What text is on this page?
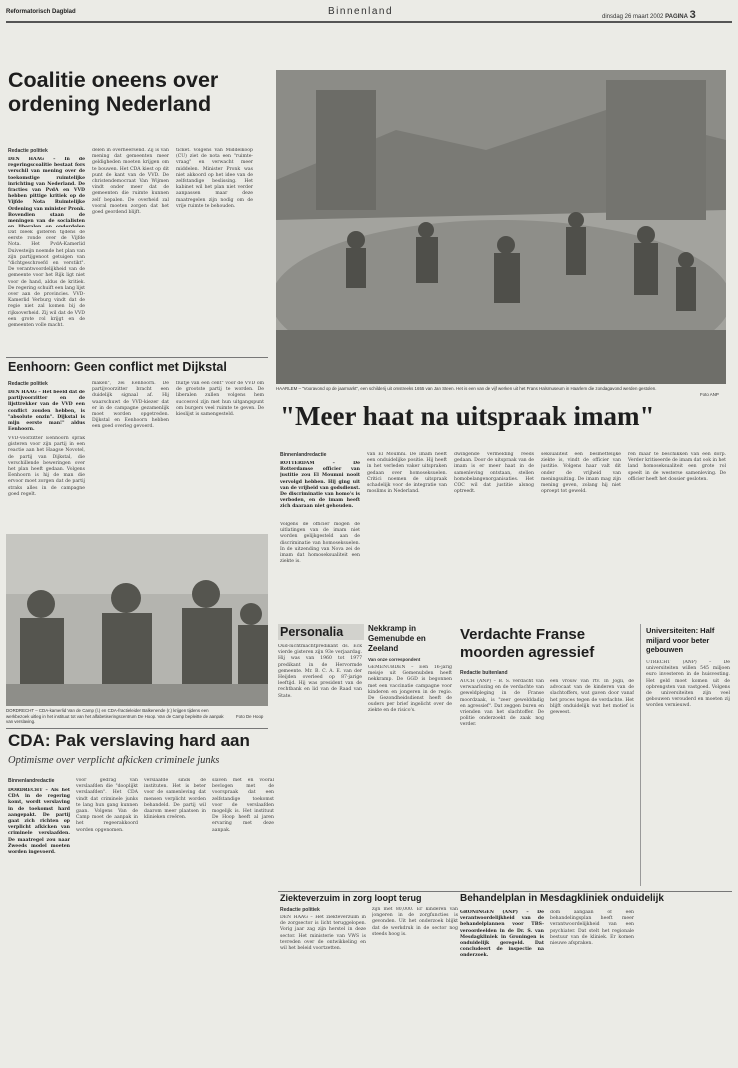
Reformatorisch Dagblad	Binnenland	dinsdag 26 maart 2002 PAGINA 3
Coalitie oneens over ordening Nederland
Redactie politiek
DEN HAAG – In de regeringscoalitie bestaat fors verschil van mening over de toekomstige ruimtelijke inrichting van Nederland. De fracties van PvdA en VVD hebben pittige kritiek op de Vijfde Nota Ruimtelijke Ordening van minister Pronk. Bovendien staan de meningen van de socialisten
Dat bleek gisteren tijdens de eerste ronde over de Vijfde Nota. Het PvdA-Kamerlid Duivesteijn noemde het plan van zijn partijgenoot getuigen van "dichtgeschroefd en verstikt". De verantwoordelijkheid van de gemeente voor het Rijk ligt niet voor de hand, aldus de kritiek. De regering schuift een lang lijst over aan de provincies. VVD-Kamerlid Verburg vindt dat de regie niet zal komen bij de rijksoverheid. Zij wil dat de VVD een grote rol krijgt en de gemeenten volle macht.
delen in overheersend. Zij is van mening dat gemeenten meer geldigheden moeten krijgen om te bouwen. Het CDA kiest op dit punt de kant van de VVD. De christendemocraat Van Wijmen vindt onder meer dat de gemeenten die ruimte kunnen zelf bepalen. De overheid zal vooral moeten zorgen dat het goed geordend blijft.
ticket. Volgens Van Middelkoop (CU) ziet de nota een "ruimte-vraag" en verwacht meer middelen. Minister Pronk was niet akkoord op het idee van de zelfstandige beslissing. Het kabinet wil het plan niet verder aanpassen maar deze maatregelen zijn nodig om de vrije ruimte te behouden.
HAARLEM – "Vooravond op de jaarmarkt", een schilderij uit omstreeks 1655 van Jan Steen. Het is een van de vijf werken uit het Frans Halsmuseum in Haarlem die zondagavond werden gestolen.
Foto ANP
Eenhoorn: Geen conflict met Dijkstal
Redactie politiek
DEN HAAG – Het beeld dat de partijvoorzitter en de lijsttrekker van de VVD een conflict zouden hebben, is "absolute onzin". Dijkstal is mijn eerste man!" aldus Eenhoorn.
VVD-voorzitter Eenhoorn sprak gisteren voor zijn partij in een reactie aan het Haagse Novotel, de partij van Dijkstal, die verschillende beweringen over het plan heeft gedaan. Volgens Eenhoorn is hij de man die ervoor moet zorgen dat de partij straks alles in de campagne goed regelt.
maken", zei Eenhoorn. De partijvoorzitter bracht een duidelijk signaal af. Hij waarschuwt de VVD-kiezer dat er in de campagne gezamenlijk moet worden opgetreden. Dijkstal en Eenhoorn hebben een goed overleg gevoerd.
fluitje van een cent" voor de VVD om de grootste partij te worden. De liberalen zullen volgens hem succesvol zijn met hun uitgangspunt om burgers veel ruimte te geven. De kieslijst is samengesteld.
DORDRECHT – CDA-kamerlid Van de Camp (l.) en CDA-fractieleider Balkenende (r.) krijgen tijdens een werkbezoek uitleg in het instituut tot van het alfabetiseringscentrum De Hoop. Van de Camp bepleitte de aanpak van verslaving.
Foto De Hoop
"Meer haat na uitspraak imam"
Binnenlandredactie
ROTTERDAM – De Rotterdamse officier van justitie zou El Moumni nooit vervolgd hebben. Hij ging uit van de vrijheid van godsdienst. De discriminatie van homo's is verboden, en de imam heeft zich daaraan niet gehouden.
Volgens de officier mogen de uitlatingen van de imam niet worden gelijkgesteld aan de discriminatie van homoseksuelen. In de uitzending van Nova zei de imam dat homoseksualiteit een ziekte is.
van El Moumni. De imam heeft een onduidelijke positie. Hij heeft in het verleden vaker uitspraken gedaan over homoseksuelen. Critici noemen de uitspraak schadelijk voor de integratie van moslims in Nederland.
dwingende vermelding reeds gedaan. Door de uitspraak van de imam is er meer haat in de samenleving ontstaan, stellen homobelangenorganisaties. Het COC wil dat justitie alsnog optreedt.
seksualiteit een besmettelijke ziekte is, vindt de officier van justitie. Volgens haar valt dit onder de vrijheid van meningsuiting. De imam mag zijn mening geven, zolang hij niet oproept tot geweld.
ren maar te beschikken van een dorp. Verder kritiseerde de imam dat ook in het land homoseksualiteit een grote rol speelt in de westerse samenleving. De officier heeft het dossier gesloten.
Personalia
Oud-luchtmachtpredikant ds. Eck vierde gisteren zijn 93e verjaardag. Hij was van 1960 tot 1977 predikant in de Hervormde gemeente. Mr. B. C. A. E. van der Heijden overleed op 87-jarige leeftijd. Hij was president van de rechtbank en lid van de Raad van State.
Nekkramp in Gemenubde en Zeeland
Van onze correspondent
GEMENUBDEN – Een 16-jarig meisje uit Gemenubden heeft nekkramp. De GGD is begonnen met een vaccinatie campagne voor kinderen en jongeren in de regio. De Gezondheidsdienst heeft de ouders per brief ingelicht over de ziekte en de risico's.
Verdachte Franse moorden agressief
Redactie buitenland
AUCH (ANP) – B. S. verdacht van verwaarlozing en de verdachte van geweldpleging in de Franse moordzaak, is "zeer gewelddadig en agressief". Dat zeggen buren en vrienden van het slachtoffer. De politie onderzoekt de zaak nog verder.
een vrouw van rtv. In Jogli, de advocaat van de kinderen van de slachtoffers, wat gaven door vanaf het proces tegen de verdachte. Het blijft onduidelijk wat het motief is geweest.
Universiteiten: Half miljard voor beter gebouwen
UTRECHT (ANP) – De universiteiten willen 545 miljoen euro investeren in de huisvesting. Het geld moet komen uit de opbrengsten van vastgoed. Volgens de universiteiten zijn veel gebouwen verouderd en moeten zij worden vernieuwd.
CDA: Pak verslaving hard aan
Optimisme over verplicht afkicken criminele junks
Binnenlandredactie
DORDRECHT – Als het CDA in de regering komt, wordt verslaving in de toekomst hard aangepakt. De partij gaat zich richten op verplicht afkicken van criminele verslaafden. De maatregel zou naar Zweeds model moeten worden ingevoerd.
voor gedrag van verslaafden die "dooplijkt verslaafden". Het CDA vindt dat criminele junks te lang hun gang kunnen gaan. Volgens Van de Camp moet de aanpak in het regeerakkoord worden opgenomen.
verslaafde sinds de instituten. Het is beter voor de samenleving dat mensen verplicht worden behandeld. De partij wil daarom meer plaatsen in klinieken creëren.
slaven met en vooral bevlogen met de voorspraak dat een zelfstandige toekomst voor de verslaafden mogelijk is. Het instituut De Hoop heeft al jaren ervaring met deze aanpak.
Ziekteverzuim in zorg loopt terug
Redactie politiek
DEN HAAG – Het ziekteverzuim in de zorgsector is licht teruggelopen. Vorig jaar zag zijn herstel in deze sector. Het ministerie van VWS is tevreden over de ontwikkeling en wil het beleid voortzetten.
zijn met 80,000. Er kinderen van jongeren in de zorgfuncties is gevonden. Uit het onderzoek blijkt dat de werkdruk in de sector nog steeds hoog is.
Behandelplan in Mesdagkliniek onduidelijk
GRONINGEN (ANP) – De verantwoordelijkheid van de behandelplannen voor TBS-veroordeelden in de Dr. S. van Mesdagkliniek in Groningen is onduidelijk geregeld. Dat concludeert de inspectie na onderzoek.
dom aangaan of een behandelingsplan heeft meer verantwoordelijkheid van een psychiater. Dat stelt het regionale bestuur van de kliniek. Er komen nieuwe afspraken.
